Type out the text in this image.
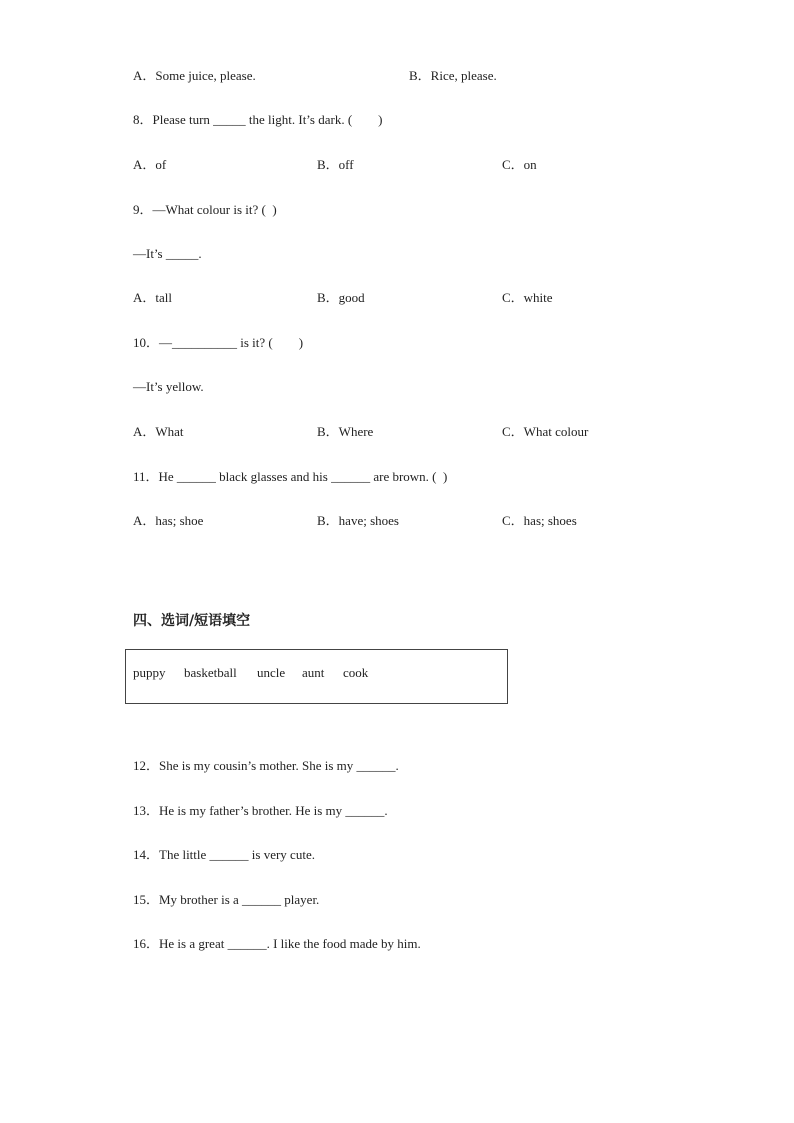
A．Some juice, please.	B．Rice, please.
8．Please turn _____ the light. It’s dark. (　　)
A．of	B．off	C．on
9．—What colour is it? (  )
—It’s _____.
A．tall	B．good	C．white
10．—__________ is it? (　　)
—It’s yellow.
A．What	B．Where	C．What colour
11．He ______ black glasses and his ______ are brown. (  )
A．has; shoe	B．have; shoes	C．has; shoes
四、选词/短语填空
puppy basketball uncle aunt cook
12．She is my cousin’s mother. She is my ______.
13．He is my father’s brother. He is my ______.
14．The little ______ is very cute.
15．My brother is a ______ player.
16．He is a great ______. I like the food made by him.
